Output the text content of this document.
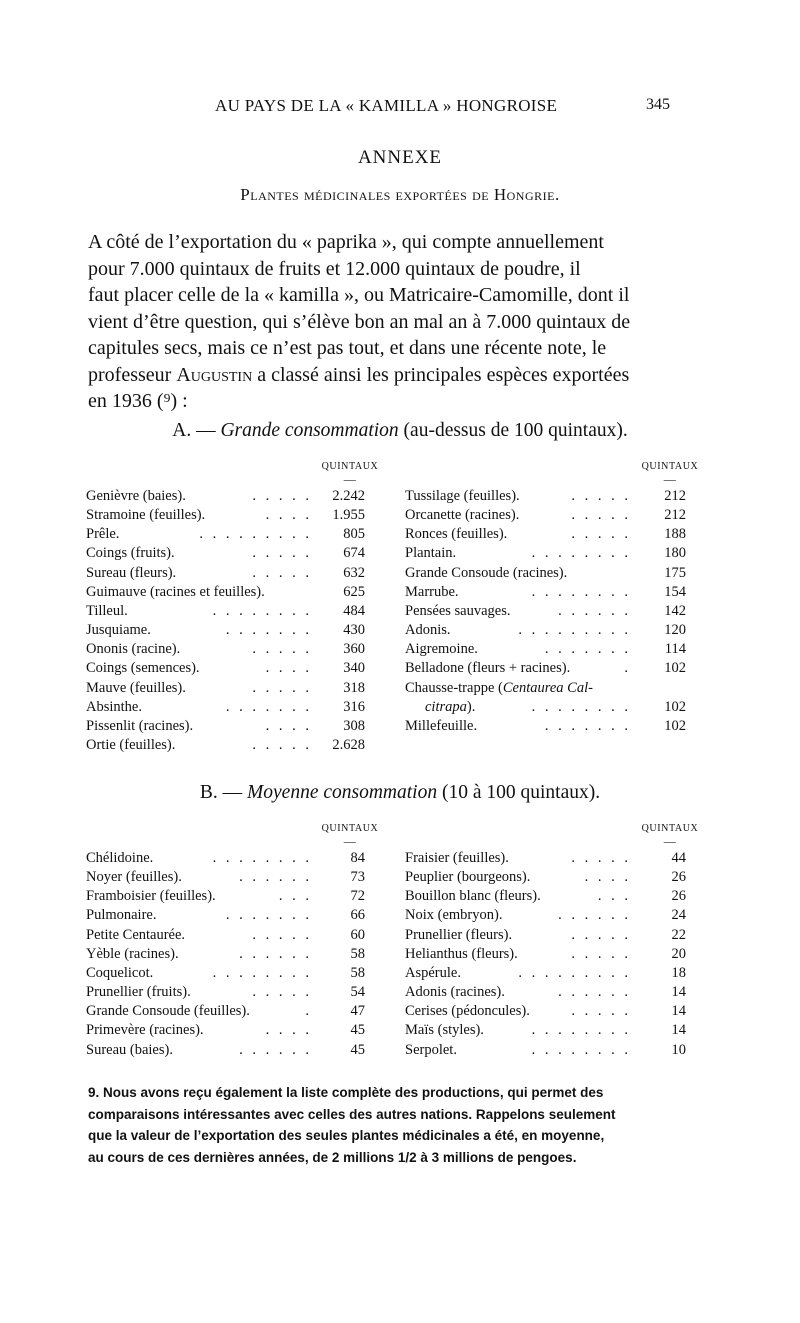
AU PAYS DE LA « KAMILLA » HONGROISE	345
ANNEXE
Plantes médicinales exportées de Hongrie.
A côté de l’exportation du « paprika », qui compte annuellement
pour 7.000 quintaux de fruits et 12.000 quintaux de poudre, il
faut placer celle de la « kamilla », ou Matricaire-Camomille, dont il
vient d’être question, qui s’élève bon an mal an à 7.000 quintaux de
capitules secs, mais ce n’est pas tout, et dans une récente note, le
professeur Augustin a classé ainsi les principales espèces exportées
en 1936 (⁹) :
A. — Grande consommation (au-dessus de 100 quintaux).
QUINTAUX
—
QUINTAUX
—
Genièvre (baies).	. . . . . 2.242
Stramoine (feuilles).	. . . . 1.955
Prêle.	. . . . . . . . . 805
Coings (fruits).	. . . . . 674
Sureau (fleurs).	. . . . . 632
Guimauve (racines et feuilles).	625
Tilleul.	. . . . . . . . 484
Jusquiame.	. . . . . . . 430
Ononis (racine).	. . . . . 360
Coings (semences).	. . . . 340
Mauve (feuilles).	. . . . . 318
Absinthe.	. . . . . . . 316
Pissenlit (racines).	. . . . 308
Ortie (feuilles).	. . . . . 2.628
Tussilage (feuilles).	. . . . . 212
Orcanette (racines).	. . . . . 212
Ronces (feuilles).	. . . . . 188
Plantain.	. . . . . . . . 180
Grande Consoude (racines).	175
Marrube.	. . . . . . . . 154
Pensées sauvages.	. . . . . . 142
Adonis.	. . . . . . . . . 120
Aigremoine.	. . . . . . . 114
Belladone (fleurs + racines).	. 102
Chausse-trappe (Centaurea Cal-
citrapa).	. . . . . . . . 102
Millefeuille.	. . . . . . . 102
B. — Moyenne consommation (10 à 100 quintaux).
QUINTAUX
—
QUINTAUX
—
Chélidoine.	. . . . . . . .	84
Noyer (feuilles).	. . . . . .	73
Framboisier (feuilles).	. . .	72
Pulmonaire.	. . . . . . .	66
Petite Centaurée.	. . . . .	60
Yèble (racines).	. . . . . .	58
Coquelicot.	. . . . . . . .	58
Prunellier (fruits).	. . . . .	54
Grande Consoude (feuilles).	.	47
Primevère (racines).	. . . .	45
Sureau (baies).	. . . . . .	45
Fraisier (feuilles).	. . . . .	44
Peuplier (bourgeons).	. . . .	26
Bouillon blanc (fleurs).	. . .	26
Noix (embryon).	. . . . . .	24
Prunellier (fleurs).	. . . . .	22
Helianthus (fleurs).	. . . . .	20
Aspérule.	. . . . . . . . .	18
Adonis (racines).	. . . . . .	14
Cerises (pédoncules).	. . . . .	14
Maïs (styles).	. . . . . . . .	14
Serpolet.	. . . . . . . .	10
9. Nous avons reçu également la liste complète des productions, qui permet des
comparaisons intéressantes avec celles des autres nations. Rappelons seulement
que la valeur de l’exportation des seules plantes médicinales a été, en moyenne,
au cours de ces dernières années, de 2 millions 1/2 à 3 millions de pengoes.
